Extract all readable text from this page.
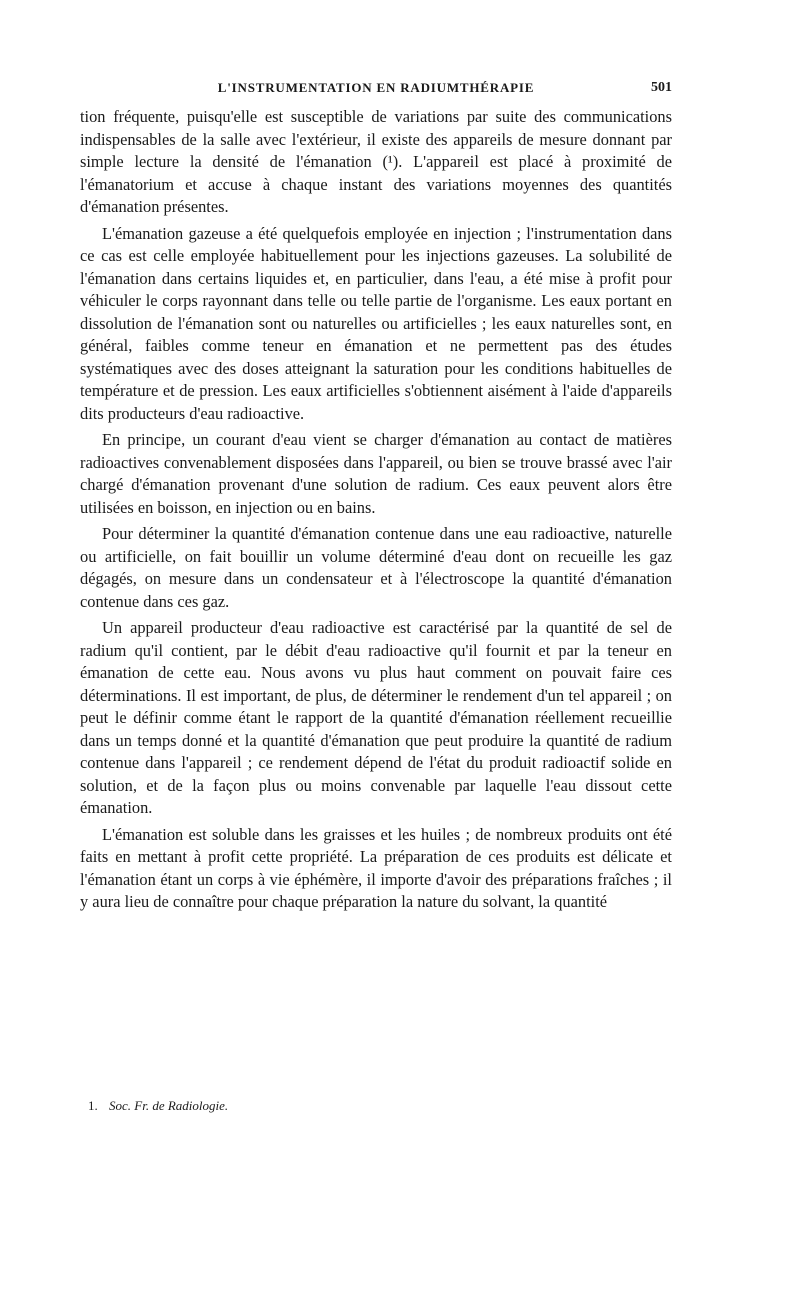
L'INSTRUMENTATION EN RADIUMTHÉRAPIE	501

tion fréquente, puisqu'elle est susceptible de variations par suite des communications indispensables de la salle avec l'extérieur, il existe des appareils de mesure donnant par simple lecture la densité de l'émanation (¹). L'appareil est placé à proximité de l'émanatorium et accuse à chaque instant des variations moyennes des quantités d'émanation présentes.

L'émanation gazeuse a été quelquefois employée en injection ; l'instrumentation dans ce cas est celle employée habituellement pour les injections gazeuses. La solubilité de l'émanation dans certains liquides et, en particulier, dans l'eau, a été mise à profit pour véhiculer le corps rayonnant dans telle ou telle partie de l'organisme. Les eaux portant en dissolution de l'émanation sont ou naturelles ou artificielles ; les eaux naturelles sont, en général, faibles comme teneur en émanation et ne permettent pas des études systématiques avec des doses atteignant la saturation pour les conditions habituelles de température et de pression. Les eaux artificielles s'obtiennent aisément à l'aide d'appareils dits producteurs d'eau radioactive.

En principe, un courant d'eau vient se charger d'émanation au contact de matières radioactives convenablement disposées dans l'appareil, ou bien se trouve brassé avec l'air chargé d'émanation provenant d'une solution de radium. Ces eaux peuvent alors être utilisées en boisson, en injection ou en bains.

Pour déterminer la quantité d'émanation contenue dans une eau radioactive, naturelle ou artificielle, on fait bouillir un volume déterminé d'eau dont on recueille les gaz dégagés, on mesure dans un condensateur et à l'électroscope la quantité d'émanation contenue dans ces gaz.

Un appareil producteur d'eau radioactive est caractérisé par la quantité de sel de radium qu'il contient, par le débit d'eau radioactive qu'il fournit et par la teneur en émanation de cette eau. Nous avons vu plus haut comment on pouvait faire ces déterminations. Il est important, de plus, de déterminer le rendement d'un tel appareil ; on peut le définir comme étant le rapport de la quantité d'émanation réellement recueillie dans un temps donné et la quantité d'émanation que peut produire la quantité de radium contenue dans l'appareil ; ce rendement dépend de l'état du produit radioactif solide en solution, et de la façon plus ou moins convenable par laquelle l'eau dissout cette émanation.

L'émanation est soluble dans les graisses et les huiles ; de nombreux produits ont été faits en mettant à profit cette propriété. La préparation de ces produits est délicate et l'émanation étant un corps à vie éphémère, il importe d'avoir des préparations fraîches ; il y aura lieu de connaître pour chaque préparation la nature du solvant, la quantité

1. Soc. Fr. de Radiologie.
